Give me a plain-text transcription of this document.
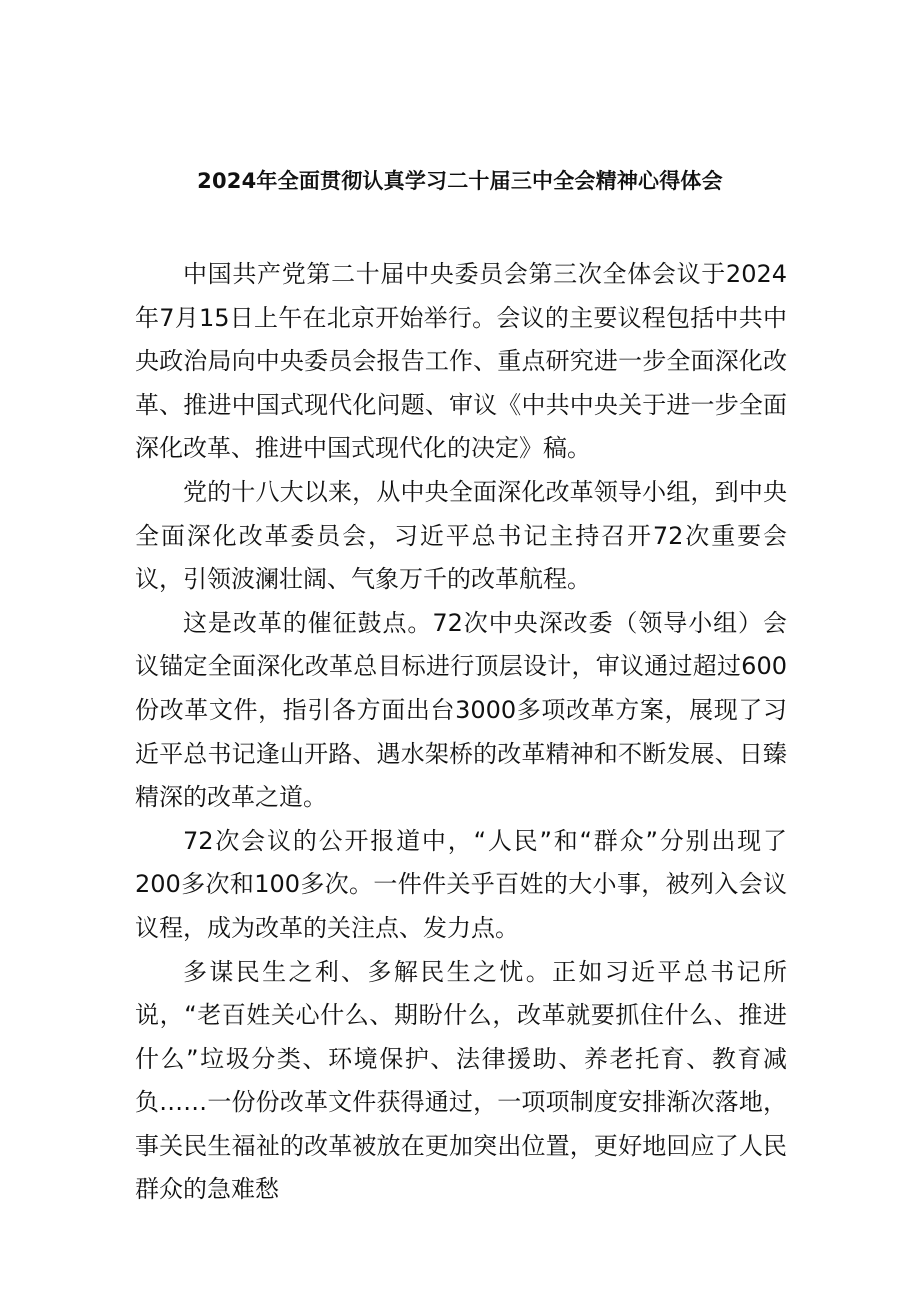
2024年全面贯彻认真学习二十届三中全会精神心得体会

中国共产党第二十届中央委员会第三次全体会议于2024年7月15日上午在北京开始举行。会议的主要议程包括中共中央政治局向中央委员会报告工作、重点研究进一步全面深化改革、推进中国式现代化问题、审议《中共中央关于进一步全面深化改革、推进中国式现代化的决定》稿。

党的十八大以来，从中央全面深化改革领导小组，到中央全面深化改革委员会，习近平总书记主持召开72次重要会议，引领波澜壮阔、气象万千的改革航程。

这是改革的催征鼓点。72次中央深改委（领导小组）会议锚定全面深化改革总目标进行顶层设计，审议通过超过600份改革文件，指引各方面出台3000多项改革方案，展现了习近平总书记逢山开路、遇水架桥的改革精神和不断发展、日臻精深的改革之道。

72次会议的公开报道中，“人民”和“群众”分别出现了200多次和100多次。一件件关乎百姓的大小事，被列入会议议程，成为改革的关注点、发力点。

多谋民生之利、多解民生之忧。正如习近平总书记所说，“老百姓关心什么、期盼什么，改革就要抓住什么、推进什么”垃圾分类、环境保护、法律援助、养老托育、教育减负……一份份改革文件获得通过，一项项制度安排渐次落地，事关民生福祉的改革被放在更加突出位置，更好地回应了人民群众的急难愁
